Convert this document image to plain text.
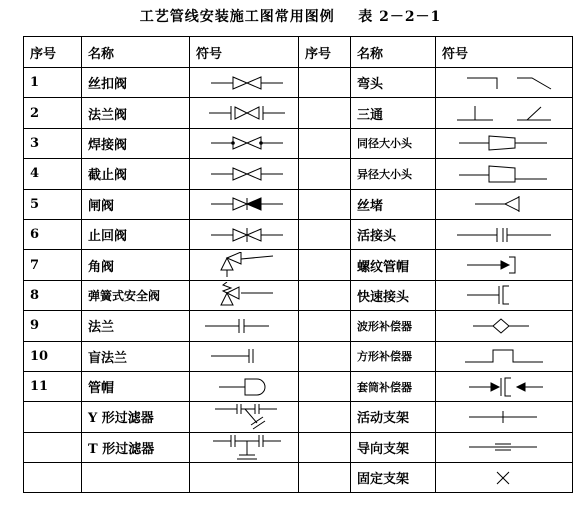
工艺管线安装施工图常用图例    表 2－2－1
序号	名称	符号	序号	名称	符号
1	丝扣阀			弯头	

2	法兰阀			三通	

3	焊接阀			同径大小头	

4	截止阀			异径大小头	

5	闸阀			丝堵	

6	止回阀			活接头	

7	角阀			螺纹管帽	

8	弹簧式安全阀			快速接头	

9	法兰			波形补偿器	

10	盲法兰			方形补偿器	

11	管帽			套筒补偿器	

	Y 形过滤器			活动支架	

	T 形过滤器			导向支架	

				固定支架	
